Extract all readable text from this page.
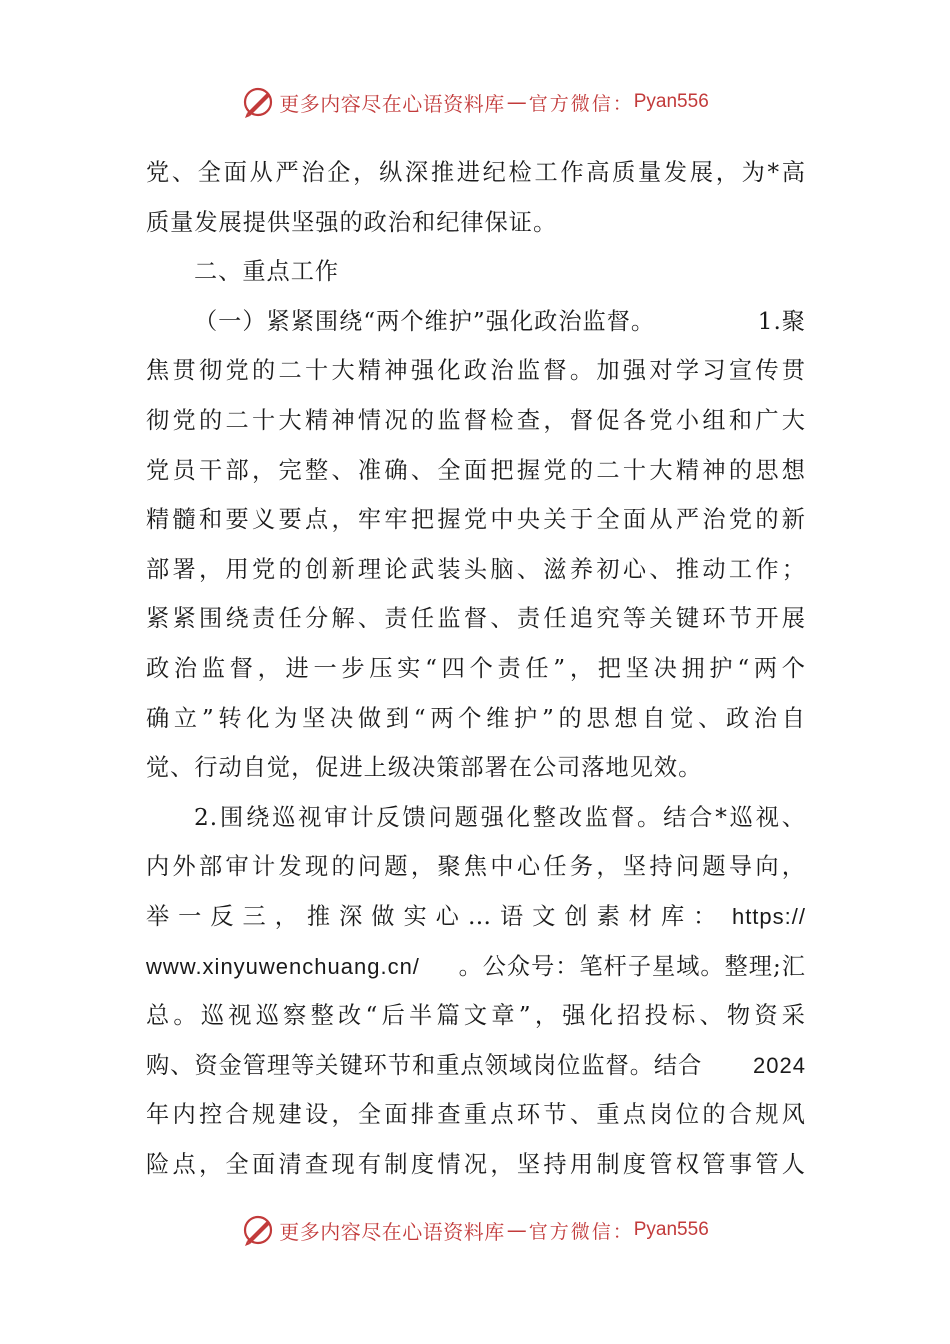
更多内容尽在心语资料库 — 官方微信： Pyan556
党、全面从严治企，纵深推进纪检工作高质量发展，为*高
质量发展提供坚强的政治和纪律保证。
二、重点工作
（一）紧紧围绕“两个维护”强化政治监督。	1.聚
焦贯彻党的二十大精神强化政治监督。加强对学习宣传贯
彻党的二十大精神情况的监督检查，督促各党小组和广大
党员干部，完整、准确、全面把握党的二十大精神的思想
精髓和要义要点，牢牢把握党中央关于全面从严治党的新
部署，用党的创新理论武装头脑、滋养初心、推动工作；
紧紧围绕责任分解、责任监督、责任追究等关键环节开展
政治监督，进一步压实“四个责任”，把坚决拥护“两个
确立”转化为坚决做到“两个维护”的思想自觉、政治自
觉、行动自觉，促进上级决策部署在公司落地见效。
2.围绕巡视审计反馈问题强化整改监督。结合*巡视、
内外部审计发现的问题，聚焦中心任务，坚持问题导向，
举一反三，推深做实心…语文创素材库： https://
www.xinyuwenchuang.cn/ 。公众号：笔杆子星域。整理;汇
总。巡视巡察整改“后半篇文章”，强化招投标、物资采
购、资金管理等关键环节和重点领域岗位监督。结合 2024
年内控合规建设，全面排查重点环节、重点岗位的合规风
险点，全面清查现有制度情况，坚持用制度管权管事管人
更多内容尽在心语资料库 — 官方微信： Pyan556
